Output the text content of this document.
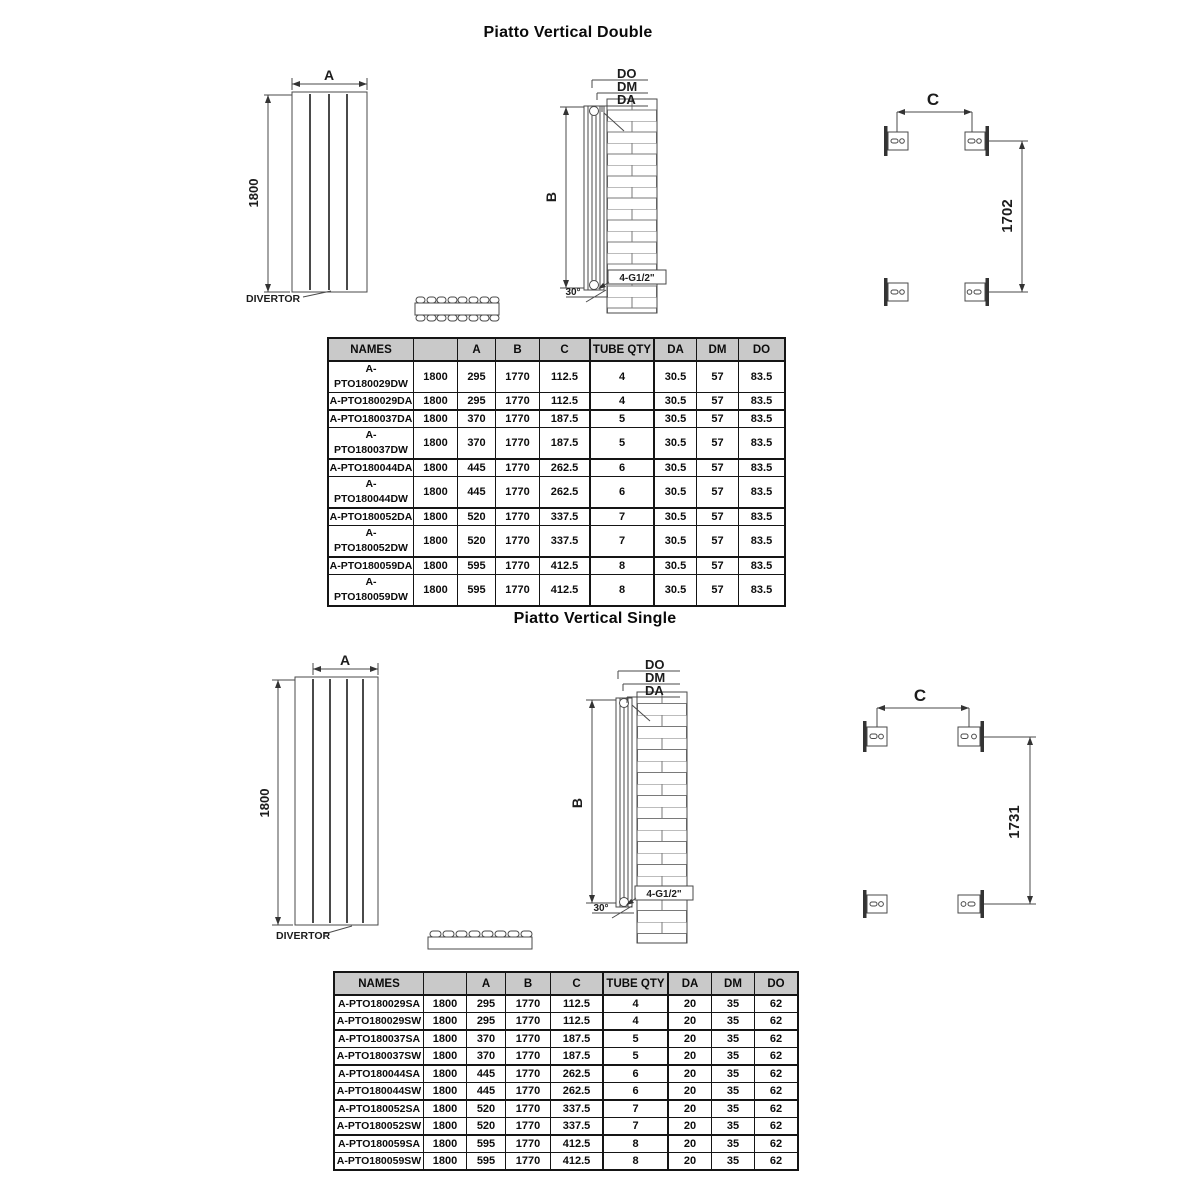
Piatto Vertical Double
A
1800
DIVERTOR
DO
DM
DA
B
4-G1/2"
30°
C
1702
NAMES		A	B	C	TUBE QTY	DA	DM	DO
A-PTO180029DW	1800	295	1770	112.5	4	30.5	57	83.5
A-PTO180029DA	1800	295	1770	112.5	4	30.5	57	83.5
A-PTO180037DA	1800	370	1770	187.5	5	30.5	57	83.5
A-PTO180037DW	1800	370	1770	187.5	5	30.5	57	83.5
A-PTO180044DA	1800	445	1770	262.5	6	30.5	57	83.5
A-PTO180044DW	1800	445	1770	262.5	6	30.5	57	83.5
A-PTO180052DA	1800	520	1770	337.5	7	30.5	57	83.5
A-PTO180052DW	1800	520	1770	337.5	7	30.5	57	83.5
A-PTO180059DA	1800	595	1770	412.5	8	30.5	57	83.5
A-PTO180059DW	1800	595	1770	412.5	8	30.5	57	83.5
Piatto Vertical Single
A
1800
DIVERTOR
DO
DM
DA
B
4-G1/2"
30°
C
1731
NAMES		A	B	C	TUBE QTY	DA	DM	DO
A-PTO180029SA	1800	295	1770	112.5	4	20	35	62
A-PTO180029SW	1800	295	1770	112.5	4	20	35	62
A-PTO180037SA	1800	370	1770	187.5	5	20	35	62
A-PTO180037SW	1800	370	1770	187.5	5	20	35	62
A-PTO180044SA	1800	445	1770	262.5	6	20	35	62
A-PTO180044SW	1800	445	1770	262.5	6	20	35	62
A-PTO180052SA	1800	520	1770	337.5	7	20	35	62
A-PTO180052SW	1800	520	1770	337.5	7	20	35	62
A-PTO180059SA	1800	595	1770	412.5	8	20	35	62
A-PTO180059SW	1800	595	1770	412.5	8	20	35	62
